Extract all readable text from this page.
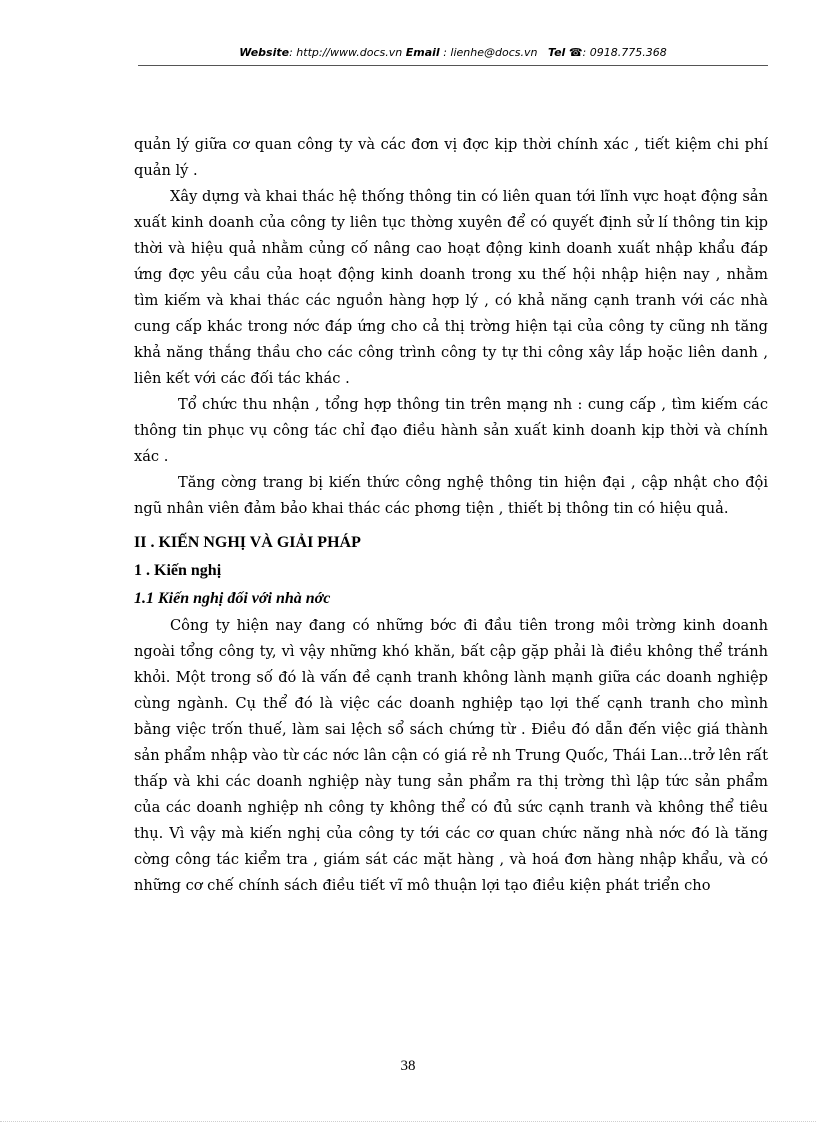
Website: http://www.docs.vn Email : lienhe@docs.vn Tel ☎: 0918.775.368

quản lý giữa cơ quan công ty và các đơn vị đợc kịp thời chính xác , tiết kiệm chi phí quản lý .

Xây dựng và khai thác hệ thống thông tin có liên quan tới lĩnh vực hoạt động sản xuất kinh doanh của công ty liên tục thờng xuyên để có quyết định sử lí thông tin kịp thời và hiệu quả nhằm củng cố nâng cao hoạt động kinh doanh xuất nhập khẩu đáp ứng đợc yêu cầu của hoạt động kinh doanh trong xu thế hội nhập hiện nay , nhằm tìm kiếm và khai thác các nguồn hàng hợp lý , có khả năng cạnh tranh với các nhà cung cấp khác trong nớc đáp ứng cho cả thị trờng hiện tại của công ty cũng nh tăng khả năng thắng thầu cho các công trình công ty tự thi công xây lắp hoặc liên danh , liên kết với các đối tác khác .

Tổ chức thu nhận , tổng hợp thông tin trên mạng nh : cung cấp , tìm kiếm các thông tin phục vụ công tác chỉ đạo điều hành sản xuất kinh doanh kịp thời và chính xác .

Tăng cờng trang bị kiến thức công nghệ thông tin hiện đại , cập nhật cho đội ngũ nhân viên đảm bảo khai thác các phơng tiện , thiết bị thông tin có hiệu quả.

II . KIẾN NGHỊ VÀ GIẢI PHÁP
1 . Kiến nghị
1.1 Kiến nghị đối với nhà nớc

Công ty hiện nay đang có những bớc đi đầu tiên trong môi trờng kinh doanh ngoài tổng công ty, vì vậy những khó khăn, bất cập gặp phải là điều không thể tránh khỏi. Một trong số đó là vấn đề cạnh tranh không lành mạnh giữa các doanh nghiệp cùng ngành. Cụ thể đó là việc các doanh nghiệp tạo lợi thế cạnh tranh cho mình bằng việc trốn thuế, làm sai lệch sổ sách chứng từ . Điều đó dẫn đến việc giá thành sản phẩm nhập vào từ các nớc lân cận có giá rẻ nh Trung Quốc, Thái Lan...trở lên rất thấp và khi các doanh nghiệp này tung sản phẩm ra thị trờng thì lập tức sản phẩm của các doanh nghiệp nh công ty không thể có đủ sức cạnh tranh và không thể tiêu thụ. Vì vậy mà kiến nghị của công ty tới các cơ quan chức năng nhà nớc đó là tăng cờng công tác kiểm tra , giám sát các mặt hàng , và hoá đơn hàng nhập khẩu, và có những cơ chế chính sách điều tiết vĩ mô thuận lợi tạo điều kiện phát triển cho

38
